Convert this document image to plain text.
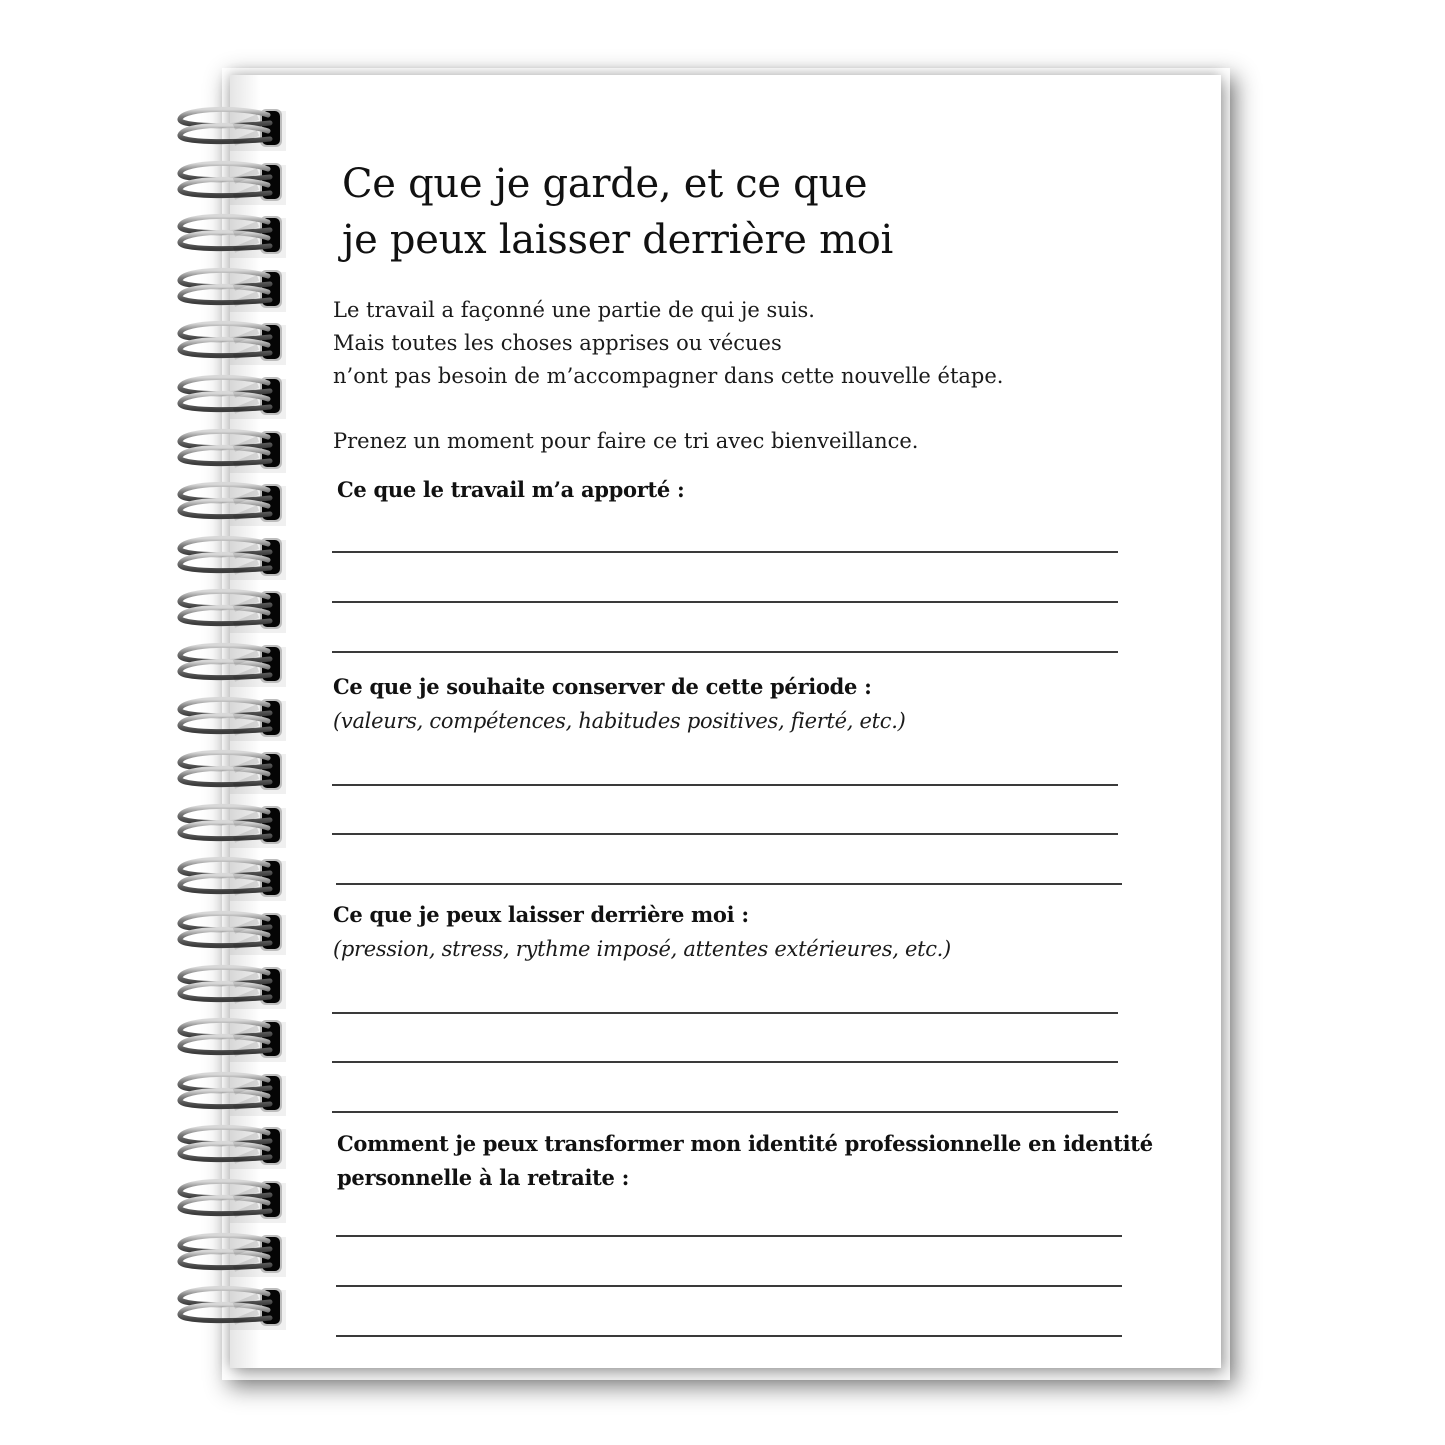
Ce que je garde, et ce que
je peux laisser derrière moi

Le travail a façonné une partie de qui je suis.

Mais toutes les choses apprises ou vécues

n’ont pas besoin de m’accompagner dans cette nouvelle étape.

Prenez un moment pour faire ce tri avec bienveillance.

Ce que le travail m’a apporté :
Ce que je souhaite conserver de cette période :
(valeurs, compétences, habitudes positives, fierté, etc.)
Ce que je peux laisser derrière moi :
(pression, stress, rythme imposé, attentes extérieures, etc.)
Comment je peux transformer mon identité professionnelle en identité
personnelle à la retraite :
